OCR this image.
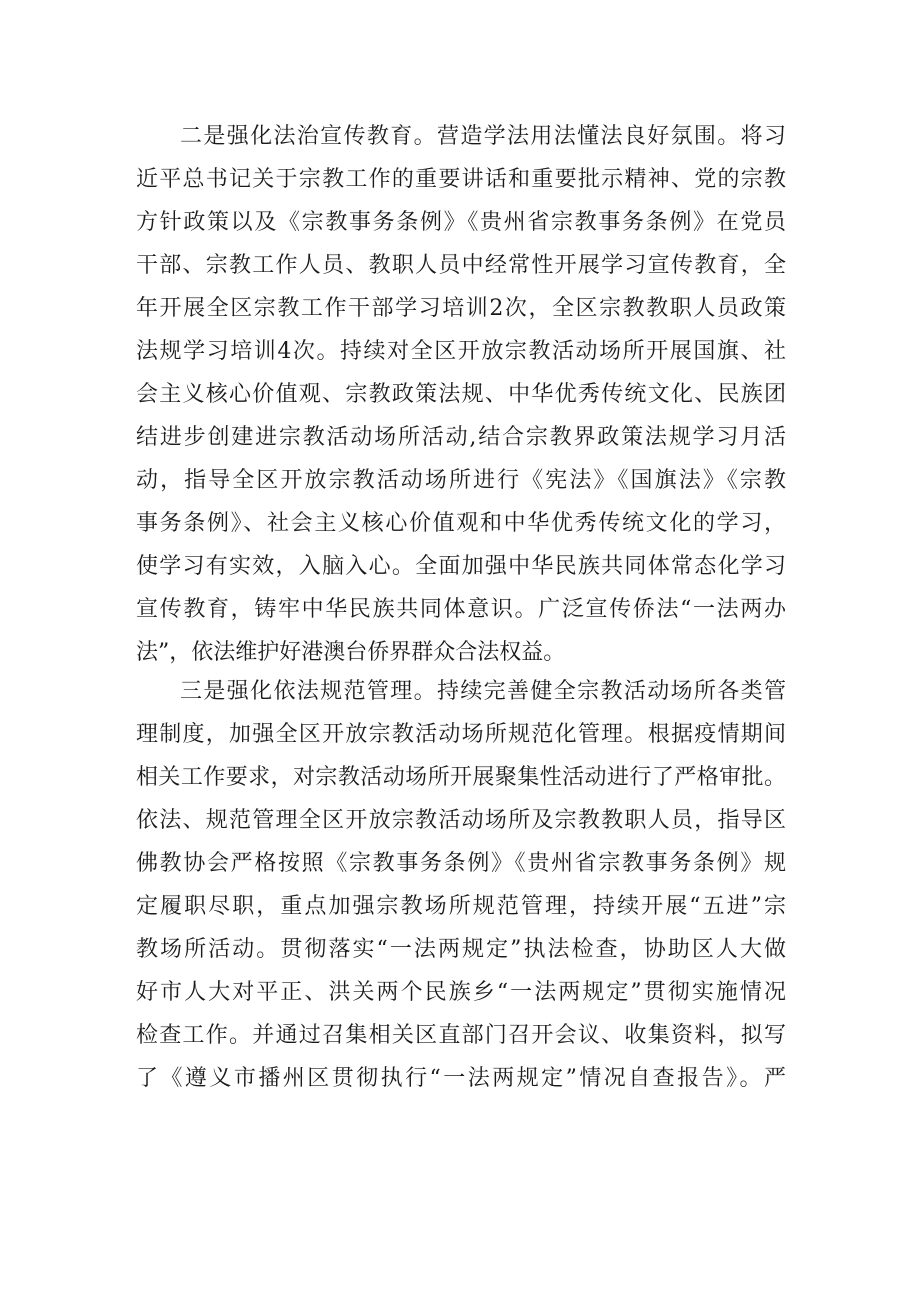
二是强化法治宣传教育。营造学法用法懂法良好氛围。将习
近平总书记关于宗教工作的重要讲话和重要批示精神、党的宗教
方针政策以及《宗教事务条例》《贵州省宗教事务条例》在党员
干部、宗教工作人员、教职人员中经常性开展学习宣传教育，全
年开展全区宗教工作干部学习培训2次，全区宗教教职人员政策
法规学习培训4次。持续对全区开放宗教活动场所开展国旗、社
会主义核心价值观、宗教政策法规、中华优秀传统文化、民族团
结进步创建进宗教活动场所活动,结合宗教界政策法规学习月活
动，指导全区开放宗教活动场所进行《宪法》《国旗法》《宗教
事务条例》、社会主义核心价值观和中华优秀传统文化的学习，
使学习有实效，入脑入心。全面加强中华民族共同体常态化学习
宣传教育，铸牢中华民族共同体意识。广泛宣传侨法“一法两办
法”，依法维护好港澳台侨界群众合法权益。
三是强化依法规范管理。持续完善健全宗教活动场所各类管
理制度，加强全区开放宗教活动场所规范化管理。根据疫情期间
相关工作要求，对宗教活动场所开展聚集性活动进行了严格审批。
依法、规范管理全区开放宗教活动场所及宗教教职人员，指导区
佛教协会严格按照《宗教事务条例》《贵州省宗教事务条例》规
定履职尽职，重点加强宗教场所规范管理，持续开展“五进”宗
教场所活动。贯彻落实“一法两规定”执法检查，协助区人大做
好市人大对平正、洪关两个民族乡“一法两规定”贯彻实施情况
检查工作。并通过召集相关区直部门召开会议、收集资料，拟写
了《遵义市播州区贯彻执行“一法两规定”情况自查报告》。严
